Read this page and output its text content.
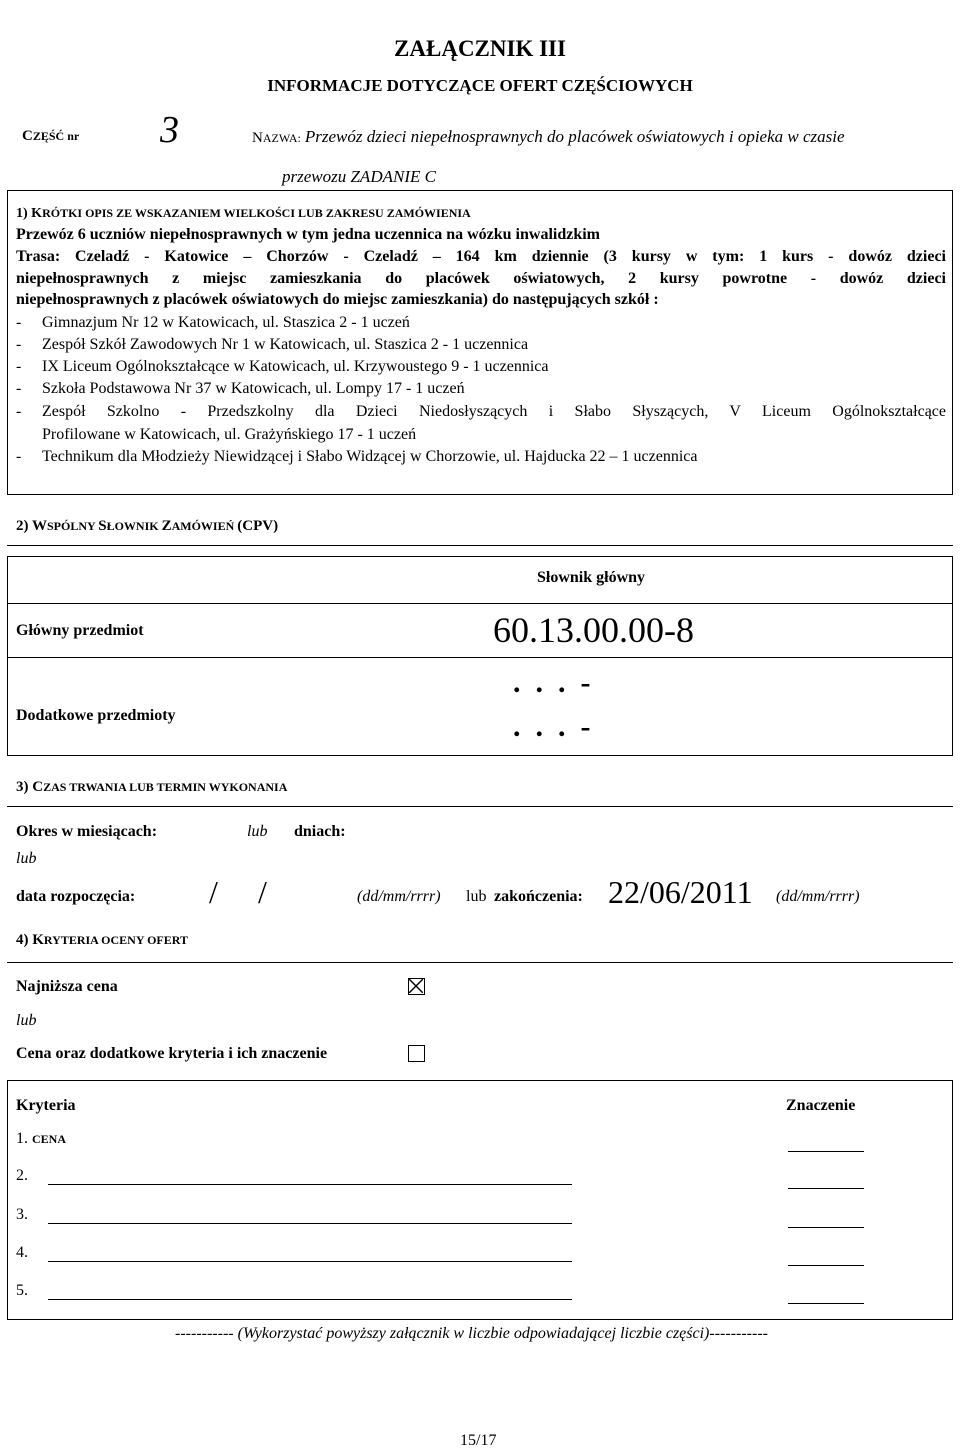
ZAŁĄCZNIK III
INFORMACJE DOTYCZĄCE OFERT CZĘŚCIOWYCH
CZĘŚĆ nr 3	NAZWA: Przewóz dzieci niepełnosprawnych do placówek oświatowych i opieka w czasie
przewozu ZADANIE C
1) KRÓTKI OPIS ZE WSKAZANIEM WIELKOŚCI LUB ZAKRESU ZAMÓWIENIA
Przewóz 6 uczniów niepełnosprawnych w tym jedna uczennica na wózku inwalidzkim
Trasa: Czeladź - Katowice – Chorzów - Czeladź – 164 km dziennie (3 kursy w tym: 1 kurs - dowóz dzieci
niepełnosprawnych z miejsc zamieszkania do placówek oświatowych, 2 kursy powrotne - dowóz dzieci
niepełnosprawnych z placówek oświatowych do miejsc zamieszkania) do następujących szkół :
- Gimnazjum Nr 12 w Katowicach, ul. Staszica 2 - 1 uczeń
- Zespół Szkół Zawodowych Nr 1 w Katowicach, ul. Staszica 2 - 1 uczennica
- IX Liceum Ogólnokształcące w Katowicach, ul. Krzywoustego 9 - 1 uczennica
- Szkoła Podstawowa Nr 37 w Katowicach, ul. Lompy 17 - 1 uczeń
- Zespół Szkolno - Przedszkolny dla Dzieci Niedosłyszących i Słabo Słyszących, V Liceum Ogólnokształcące
Profilowane w Katowicach, ul. Grażyńskiego 17 - 1 uczeń
- Technikum dla Młodzieży Niewidzącej i Słabo Widzącej w Chorzowie, ul. Hajducka 22 – 1 uczennica
2) WSPÓLNY SŁOWNIK ZAMÓWIEŃ (CPV)
Słownik główny
Główny przedmiot	60.13.00.00-8
Dodatkowe przedmioty
.  .  .  -
.  .  .  -
3) CZAS TRWANIA LUB TERMIN WYKONANIA
Okres w miesiącach:	lub dniach:
lub
data rozpoczęcia: / /	(dd/mm/rrrr) lub zakończenia: 22/06/2011 (dd/mm/rrrr)
4) KRYTERIA OCENY OFERT
Najniższa cena
lub
Cena oraz dodatkowe kryteria i ich znaczenie
Kryteria	Znaczenie
1. CENA
2.
3.
4.
5.
----------- (Wykorzystać powyższy załącznik w liczbie odpowiadającej liczbie części)-----------
15/17
